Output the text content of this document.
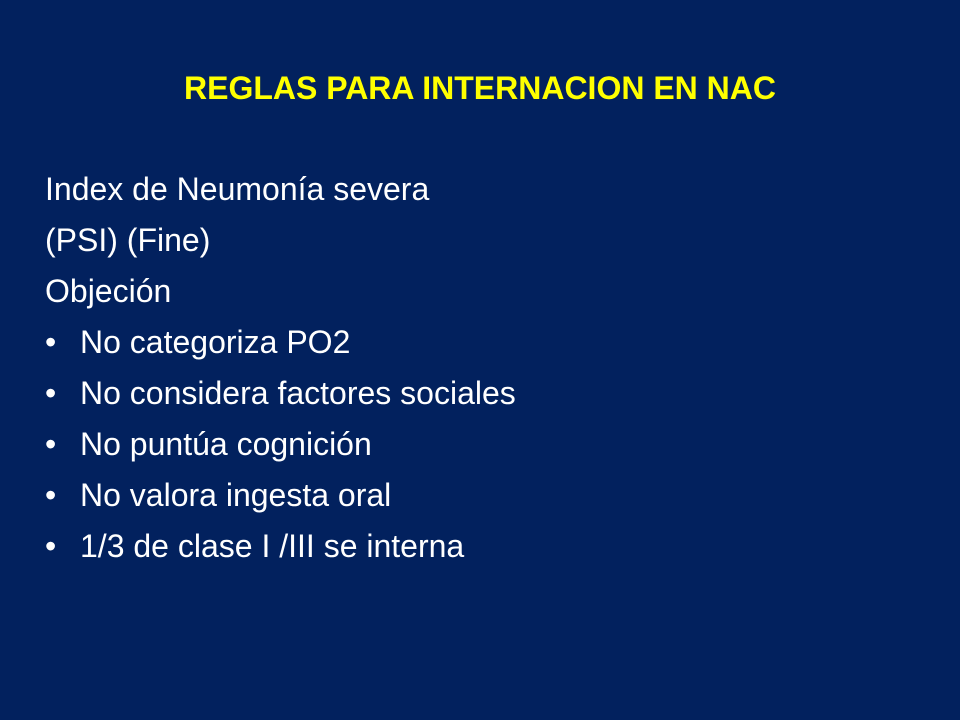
REGLAS PARA INTERNACION EN NAC
Index de Neumonía severa
(PSI) (Fine)
Objeción
• No categoriza PO2
• No considera factores sociales
• No puntúa cognición
• No valora ingesta oral
• 1/3 de clase I /III se interna
